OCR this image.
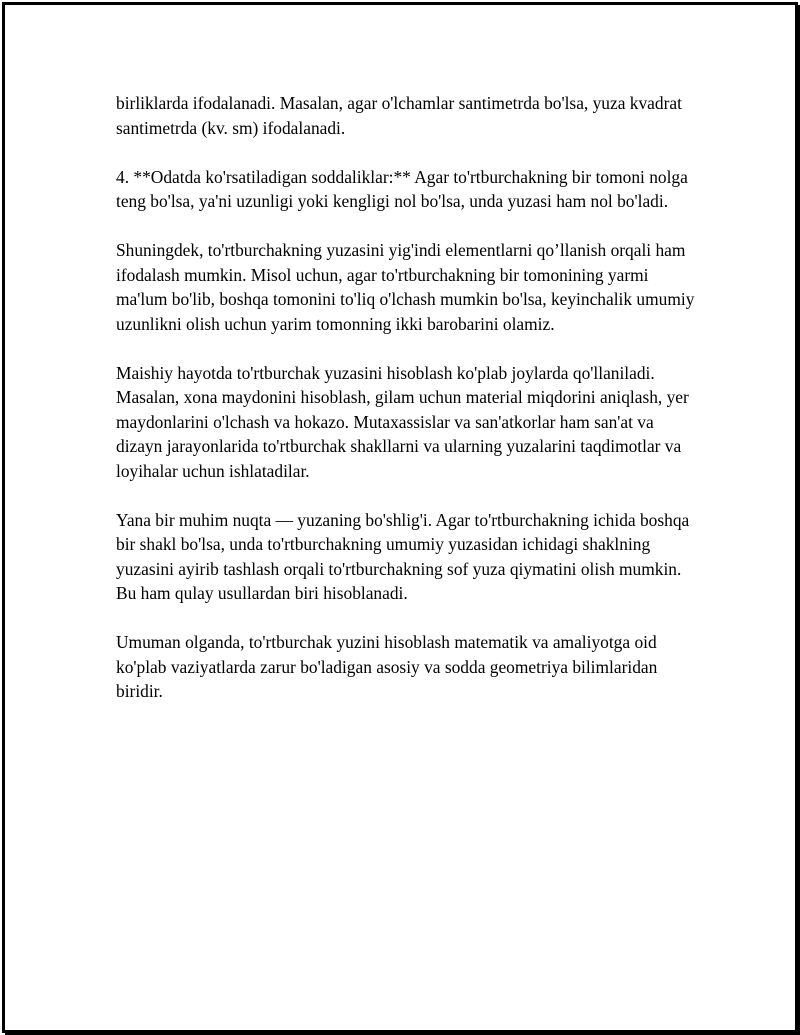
birliklarda ifodalanadi. Masalan, agar o'lchamlar santimetrda bo'lsa, yuza kvadrat santimetrda (kv. sm) ifodalanadi.

4. **Odatda ko'rsatiladigan soddaliklar:** Agar to'rtburchakning bir tomoni nolga teng bo'lsa, ya'ni uzunligi yoki kengligi nol bo'lsa, unda yuzasi ham nol bo'ladi.

Shuningdek, to'rtburchakning yuzasini yig'indi elementlarni qo’llanish orqali ham ifodalash mumkin. Misol uchun, agar to'rtburchakning bir tomonining yarmi ma'lum bo'lib, boshqa tomonini to'liq o'lchash mumkin bo'lsa, keyinchalik umumiy uzunlikni olish uchun yarim tomonning ikki barobarini olamiz.

Maishiy hayotda to'rtburchak yuzasini hisoblash ko'plab joylarda qo'llaniladi. Masalan, xona maydonini hisoblash, gilam uchun material miqdorini aniqlash, yer maydonlarini o'lchash va hokazo. Mutaxassislar va san'atkorlar ham san'at va dizayn jarayonlarida to'rtburchak shakllarni va ularning yuzalarini taqdimotlar va loyihalar uchun ishlatadilar.

Yana bir muhim nuqta — yuzaning bo'shlig'i. Agar to'rtburchakning ichida boshqa bir shakl bo'lsa, unda to'rtburchakning umumiy yuzasidan ichidagi shaklning yuzasini ayirib tashlash orqali to'rtburchakning sof yuza qiymatini olish mumkin. Bu ham qulay usullardan biri hisoblanadi.

Umuman olganda, to'rtburchak yuzini hisoblash matematik va amaliyotga oid ko'plab vaziyatlarda zarur bo'ladigan asosiy va sodda geometriya bilimlaridan biridir.
